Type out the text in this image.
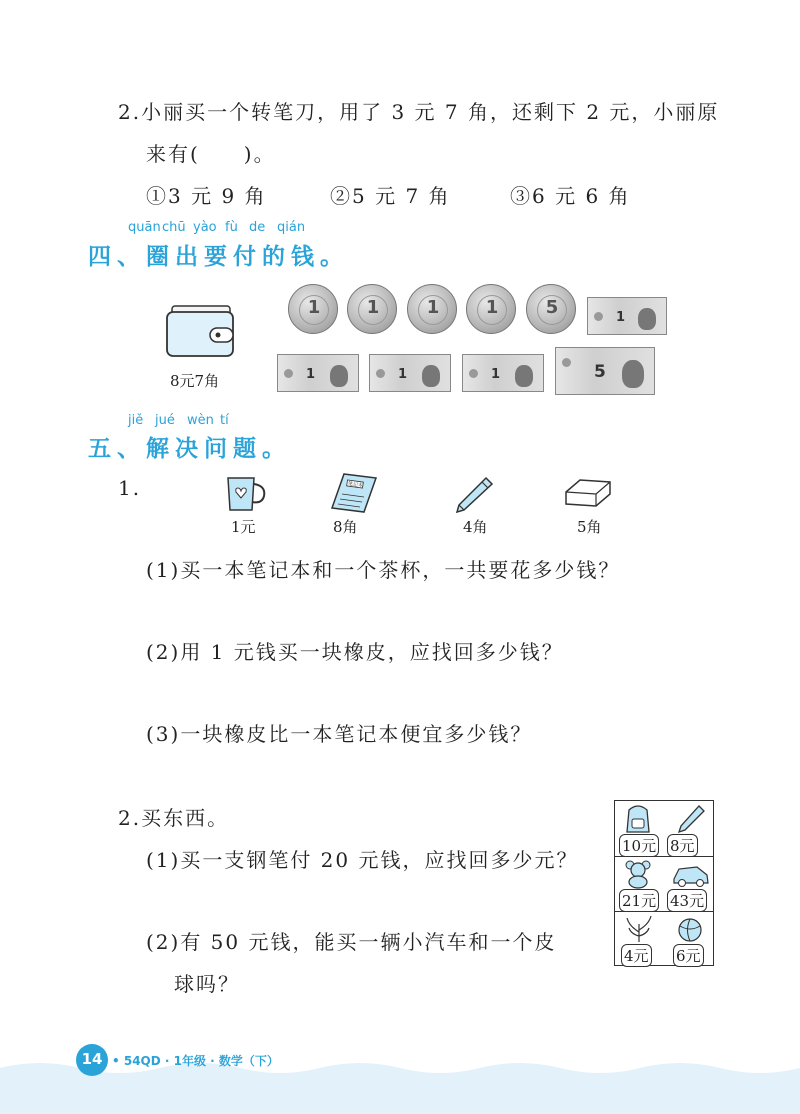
2.小丽买一个转笔刀，用了 3 元 7 角，还剩下 2 元，小丽原
来有(　　)。
①3 元 9 角	②5 元 7 角	③6 元 6 角
quān chū yào fù de qián
四、圈出要付的钱。
8元7角
1	1	1	1	5	1
1	1	1	5
jiě jué wèn tí
五、解决问题。
1.	笔记本
1元	8角	4角	5角
(1)买一本笔记本和一个茶杯，一共要花多少钱？
(2)用 1 元钱买一块橡皮，应找回多少钱？
(3)一块橡皮比一本笔记本便宜多少钱？
2.买东西。
(1)买一支钢笔付 20 元钱，应找回多少元？
(2)有 50 元钱，能买一辆小汽车和一个皮
球吗？
10元 8元
21元 43元
4元 6元
14 • 54QD · 1年级 · 数学（下）
